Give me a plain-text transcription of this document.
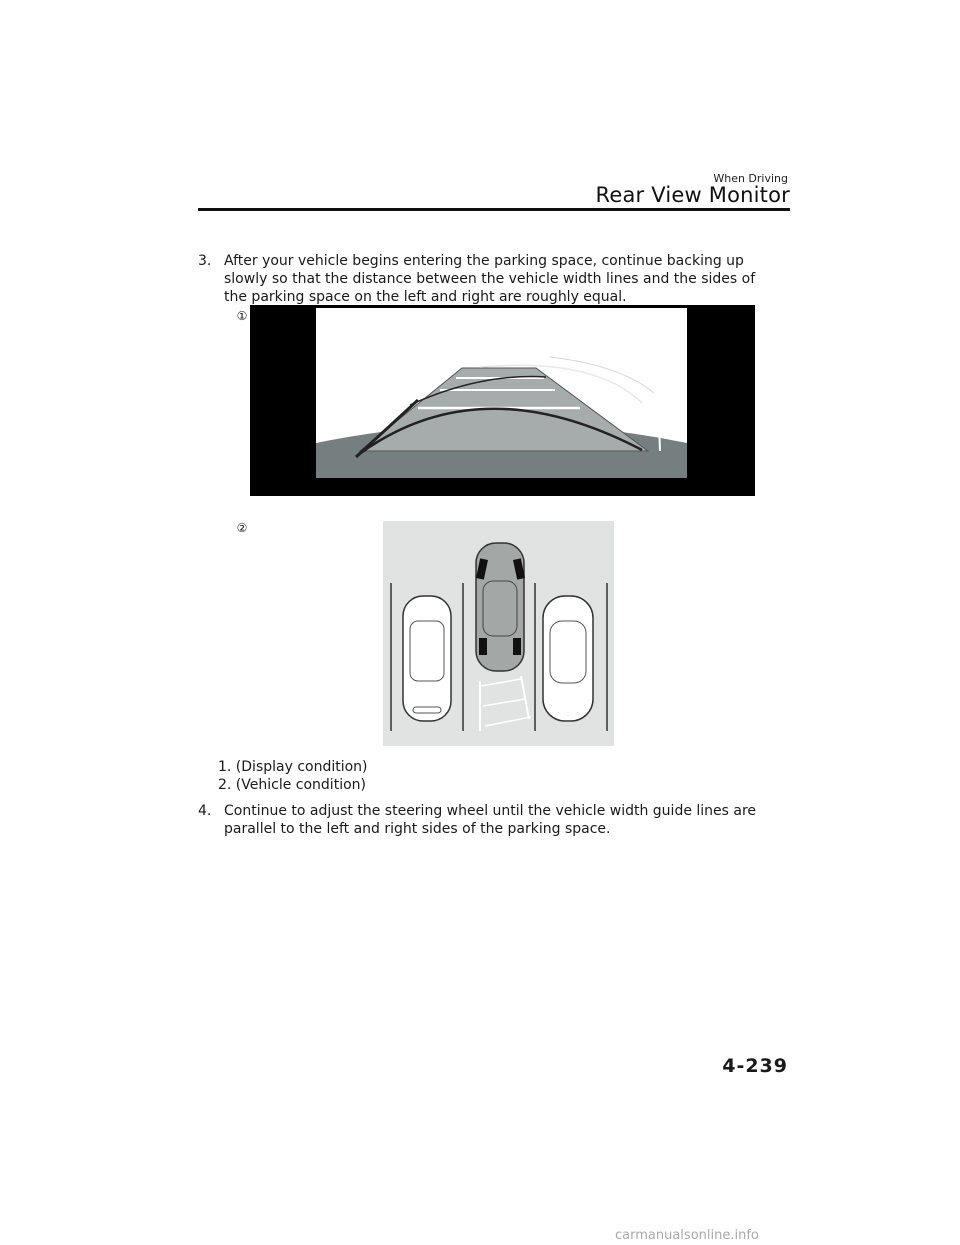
When Driving
Rear View Monitor
3. After your vehicle begins entering the parking space, continue backing up slowly so that the distance between the vehicle width lines and the sides of the parking space on the left and right are roughly equal.
①
②
1. (Display condition)
2. (Vehicle condition)
4. Continue to adjust the steering wheel until the vehicle width guide lines are parallel to the left and right sides of the parking space.
4-239
carmanualsonline.info
